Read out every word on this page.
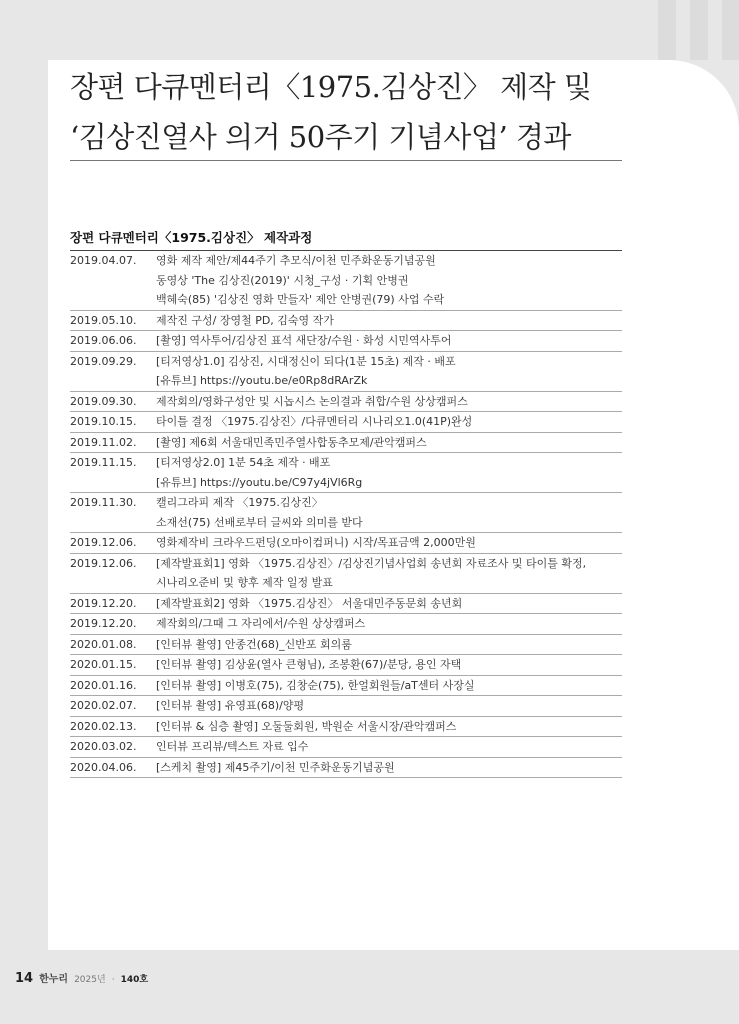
장편 다큐멘터리〈1975.김상진〉 제작 및
‘김상진열사 의거 50주기 기념사업’ 경과
장편 다큐멘터리〈1975.김상진〉 제작과정
2019.04.07.	영화 제작 제안/제44주기 추모식/이천 민주화운동기념공원
동영상 'The 김상진(2019)' 시청_구성 · 기획 안병권
백혜숙(85) '김상진 영화 만들자' 제안 안병권(79) 사업 수락

2019.05.10.	제작진 구성/ 장영철 PD, 김숙영 작가

2019.06.06.	[촬영] 역사투어/김상진 표석 새단장/수원 · 화성 시민역사투어

2019.09.29.	[티저영상1.0] 김상진, 시대정신이 되다(1분 15초) 제작 · 배포
[유튜브] https://youtu.be/e0Rp8dRArZk

2019.09.30.	제작회의/영화구성안 및 시놉시스 논의결과 취합/수원 상상캠퍼스

2019.10.15.	타이틀 결정 〈1975.김상진〉/다큐멘터리 시나리오1.0(41P)완성

2019.11.02.	[촬영] 제6회 서울대민족민주열사합동추모제/관악캠퍼스

2019.11.15.	[티저영상2.0] 1분 54초 제작 · 배포
[유튜브] https://youtu.be/C97y4jVl6Rg

2019.11.30.	캘리그라피 제작 〈1975.김상진〉
소재선(75) 선배로부터 글씨와 의미를 받다

2019.12.06.	영화제작비 크라우드펀딩(오마이컴퍼니) 시작/목표금액 2,000만원

2019.12.06.	[제작발표회1] 영화 〈1975.김상진〉/김상진기념사업회 송년회 자료조사 및 타이틀 확정,
시나리오준비 및 향후 제작 일정 발표

2019.12.20.	[제작발표회2] 영화 〈1975.김상진〉 서울대민주동문회 송년회

2019.12.20.	제작회의/그때 그 자리에서/수원 상상캠퍼스

2020.01.08.	[인터뷰 촬영] 안종건(68)_신반포 회의룸

2020.01.15.	[인터뷰 촬영] 김상윤(열사 큰형님), 조봉환(67)/분당, 용인 자택

2020.01.16.	[인터뷰 촬영] 이병호(75), 김창순(75), 한얼회원들/aT센터 사장실

2020.02.07.	[인터뷰 촬영] 유영표(68)/양평

2020.02.13.	[인터뷰 & 심층 촬영] 오둘둘회원, 박원순 서울시장/관악캠퍼스

2020.03.02.	인터뷰 프리뷰/텍스트 자료 입수

2020.04.06.	[스케치 촬영] 제45주기/이천 민주화운동기념공원
14 한누리 2025년 · 140호
